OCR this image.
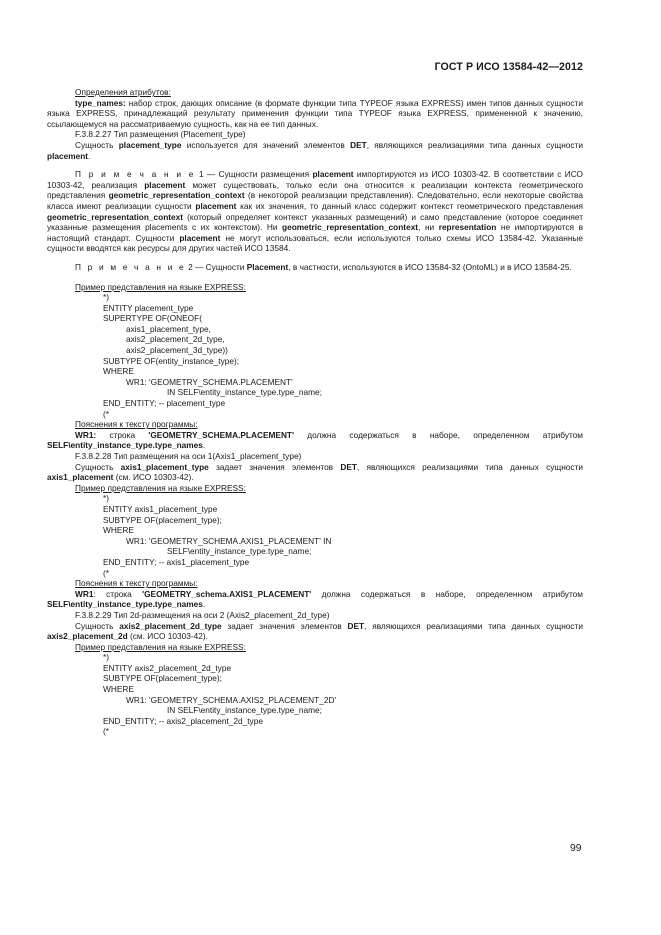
ГОСТ Р ИСО 13584-42—2012

Определения атрибутов:

type_names: набор строк, дающих описание (в формате функции типа TYPEOF языка EXPRESS) имен типов данных сущности языка EXPRESS, принадлежащий результату применения функции типа TYPEOF языка EXPRESS, примененной к значению, ссылающемуся на рассматриваемую сущность, как на ее тип данных.

F.3.8.2.27 Тип размещения (Placement_type)

Сущность placement_type используется для значений элементов DET, являющихся реализациями типа данных сущности placement.

П р и м е ч а н и е 1 — Сущности размещения placement импортируются из ИСО 10303-42. В соответствии с ИСО 10303-42, реализация placement может существовать, только если она относится к реализации контекста геометрического представления geometric_representation_context (в некоторой реализации представления). Следовательно, если некоторые свойства класса имеют реализации сущности placement как их значения, то данный класс содержит контекст геометрического представления geometric_representation_context (который определяет контекст указанных размещений) и само представление (которое соединяет указанные размещения placements с их контекстом). Ни geometric_representation_context, ни representation не импортируются в настоящий стандарт. Сущности placement не могут использоваться, если используются только схемы ИСО 13584-42. Указанные сущности вводятся как ресурсы для других частей ИСО 13584.

П р и м е ч а н и е 2 — Сущности Placement, в частности, используются в ИСО 13584-32 (OntoML) и в ИСО 13584-25.

Пример представления на языке EXPRESS:

*)

ENTITY placement_type

SUPERTYPE OF(ONEOF(

axis1_placement_type,

axis2_placement_2d_type,

axis2_placement_3d_type))

SUBTYPE OF(entity_instance_type);

WHERE

WR1: 'GEOMETRY_SCHEMA.PLACEMENT'

IN SELF\entity_instance_type.type_name;

END_ENTITY; -- placement_type

(*

Пояснения к тексту программы:

WR1: строка 'GEOMETRY_SCHEMA.PLACEMENT' должна содержаться в наборе, определенном атрибутом SELF\entity_instance_type.type_names.

F.3.8.2.28 Тип размещения на оси 1(Axis1_placement_type)

Сущность axis1_placement_type задает значения элементов DET, являющихся реализациями типа данных сущности axis1_placement (см. ИСО 10303-42).

Пример представления на языке EXPRESS:

*)

ENTITY axis1_placement_type

SUBTYPE OF(placement_type);

WHERE

WR1: 'GEOMETRY_SCHEMA.AXIS1_PLACEMENT' IN

SELF\entity_instance_type.type_name;

END_ENTITY; -- axis1_placement_type

(*

Пояснения к тексту программы:

WR1: строка 'GEOMETRY_schema.AXIS1_PLACEMENT' должна содержаться в наборе, определенном атрибутом SELF\entity_instance_type.type_names.

F.3.8.2.29 Тип 2d-размещения на оси 2 (Axis2_placement_2d_type)

Сущность axis2_placement_2d_type задает значения элементов DET, являющихся реализациями типа данных сущности axis2_placement_2d (см. ИСО 10303-42).

Пример представления на языке EXPRESS:

*)

ENTITY axis2_placement_2d_type

SUBTYPE OF(placement_type);

WHERE

WR1: 'GEOMETRY_SCHEMA.AXIS2_PLACEMENT_2D'

IN SELF\entity_instance_type.type_name;

END_ENTITY; -- axis2_placement_2d_type

(*

99
